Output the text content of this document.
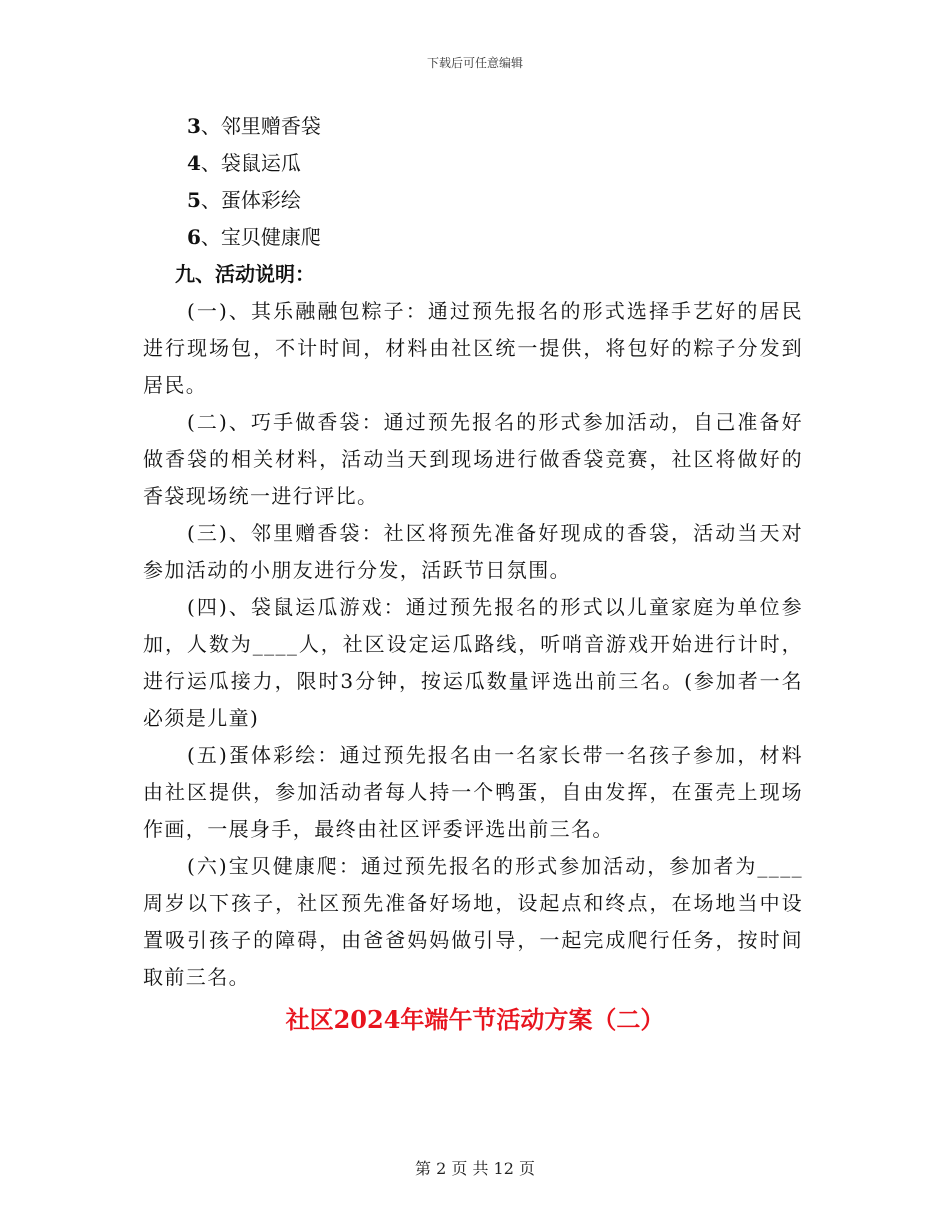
下载后可任意编辑
3、邻里赠香袋
4、袋鼠运瓜
5、蛋体彩绘
6、宝贝健康爬
九、活动说明：
(一)、其乐融融包粽子：通过预先报名的形式选择手艺好的居民进行现场包，不计时间，材料由社区统一提供，将包好的粽子分发到居民。
(二)、巧手做香袋：通过预先报名的形式参加活动，自己准备好做香袋的相关材料，活动当天到现场进行做香袋竞赛，社区将做好的香袋现场统一进行评比。
(三)、邻里赠香袋：社区将预先准备好现成的香袋，活动当天对参加活动的小朋友进行分发，活跃节日氛围。
(四)、袋鼠运瓜游戏：通过预先报名的形式以儿童家庭为单位参加，人数为____人，社区设定运瓜路线，听哨音游戏开始进行计时，进行运瓜接力，限时3分钟，按运瓜数量评选出前三名。(参加者一名必须是儿童)
(五)蛋体彩绘：通过预先报名由一名家长带一名孩子参加，材料由社区提供，参加活动者每人持一个鸭蛋，自由发挥，在蛋壳上现场作画，一展身手，最终由社区评委评选出前三名。
(六)宝贝健康爬：通过预先报名的形式参加活动，参加者为____周岁以下孩子，社区预先准备好场地，设起点和终点，在场地当中设置吸引孩子的障碍，由爸爸妈妈做引导，一起完成爬行任务，按时间取前三名。
社区2024年端午节活动方案（二）
第 2 页 共 12 页
